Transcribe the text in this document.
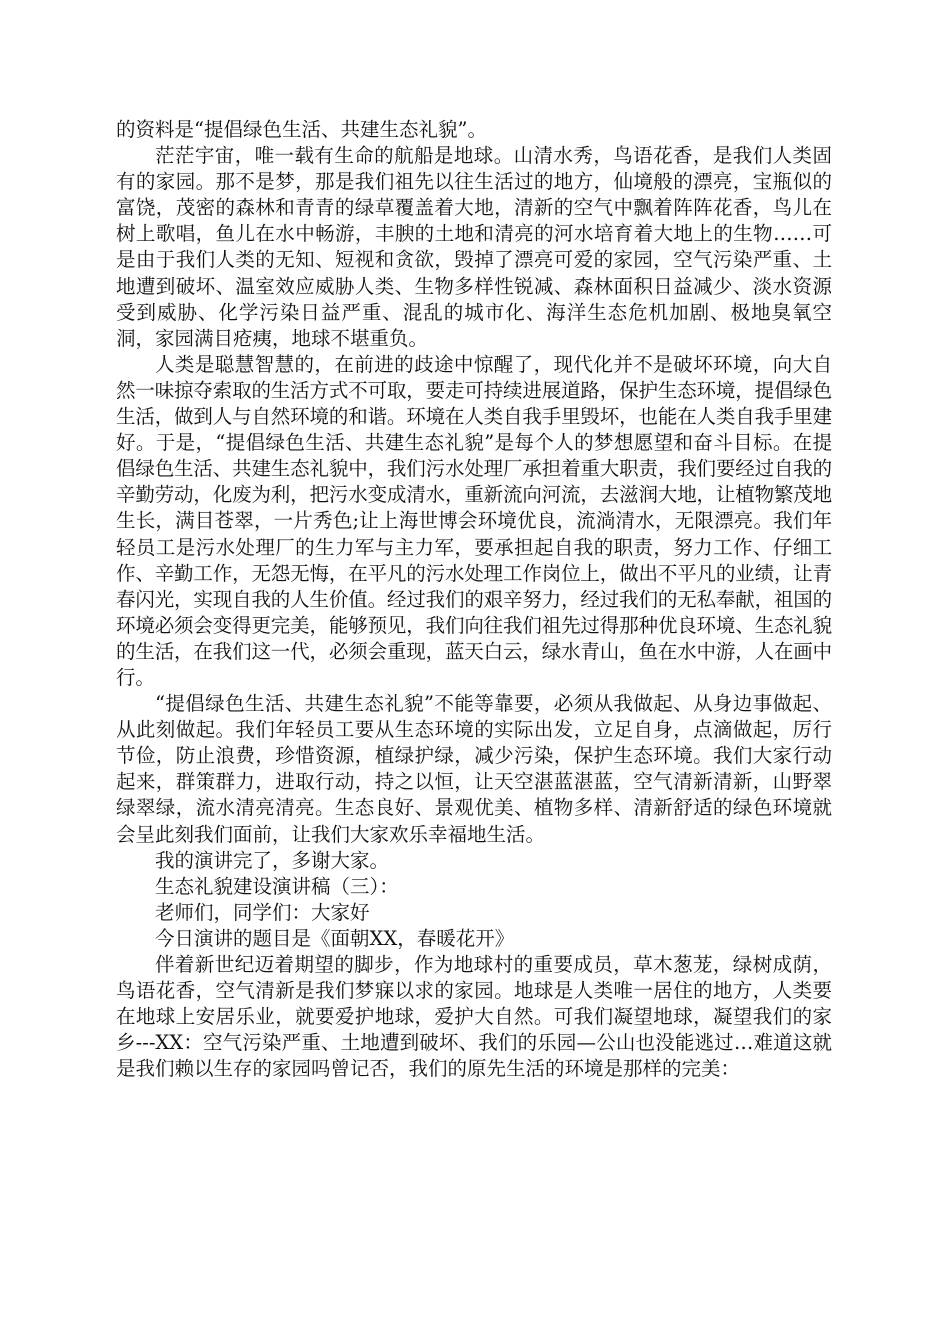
的资料是“提倡绿色生活、共建生态礼貌”。

茫茫宇宙，唯一载有生命的航船是地球。山清水秀，鸟语花香，是我们人类固有的家园。那不是梦，那是我们祖先以往生活过的地方，仙境般的漂亮，宝瓶似的富饶，茂密的森林和青青的绿草覆盖着大地，清新的空气中飘着阵阵花香，鸟儿在树上歌唱，鱼儿在水中畅游，丰腴的土地和清亮的河水培育着大地上的生物……可是由于我们人类的无知、短视和贪欲，毁掉了漂亮可爱的家园，空气污染严重、土地遭到破坏、温室效应威胁人类、生物多样性锐减、森林面积日益减少、淡水资源受到威胁、化学污染日益严重、混乱的城市化、海洋生态危机加剧、极地臭氧空洞，家园满目疮痍，地球不堪重负。

人类是聪慧智慧的，在前进的歧途中惊醒了，现代化并不是破坏环境，向大自然一味掠夺索取的生活方式不可取，要走可持续进展道路，保护生态环境，提倡绿色生活，做到人与自然环境的和谐。环境在人类自我手里毁坏，也能在人类自我手里建好。于是，“提倡绿色生活、共建生态礼貌”是每个人的梦想愿望和奋斗目标。在提倡绿色生活、共建生态礼貌中，我们污水处理厂承担着重大职责，我们要经过自我的辛勤劳动，化废为利，把污水变成清水，重新流向河流，去滋润大地，让植物繁茂地生长，满目苍翠，一片秀色;让上海世博会环境优良，流淌清水，无限漂亮。我们年轻员工是污水处理厂的生力军与主力军，要承担起自我的职责，努力工作、仔细工作、辛勤工作，无怨无悔，在平凡的污水处理工作岗位上，做出不平凡的业绩，让青春闪光，实现自我的人生价值。经过我们的艰辛努力，经过我们的无私奉献，祖国的环境必须会变得更完美，能够预见，我们向往我们祖先过得那种优良环境、生态礼貌的生活，在我们这一代，必须会重现，蓝天白云，绿水青山，鱼在水中游，人在画中行。

“提倡绿色生活、共建生态礼貌”不能等靠要，必须从我做起、从身边事做起、从此刻做起。我们年轻员工要从生态环境的实际出发，立足自身，点滴做起，厉行节俭，防止浪费，珍惜资源，植绿护绿，减少污染，保护生态环境。我们大家行动起来，群策群力，进取行动，持之以恒，让天空湛蓝湛蓝，空气清新清新，山野翠绿翠绿，流水清亮清亮。生态良好、景观优美、植物多样、清新舒适的绿色环境就会呈此刻我们面前，让我们大家欢乐幸福地生活。

我的演讲完了，多谢大家。

生态礼貌建设演讲稿（三）：

老师们，同学们：大家好

今日演讲的题目是《面朝XX，春暖花开》

伴着新世纪迈着期望的脚步，作为地球村的重要成员，草木葱茏，绿树成荫，鸟语花香，空气清新是我们梦寐以求的家园。地球是人类唯一居住的地方，人类要在地球上安居乐业，就要爱护地球，爱护大自然。可我们凝望地球，凝望我们的家乡---XX：空气污染严重、土地遭到破坏、我们的乐园—公山也没能逃过…难道这就是我们赖以生存的家园吗曾记否，我们的原先生活的环境是那样的完美：
